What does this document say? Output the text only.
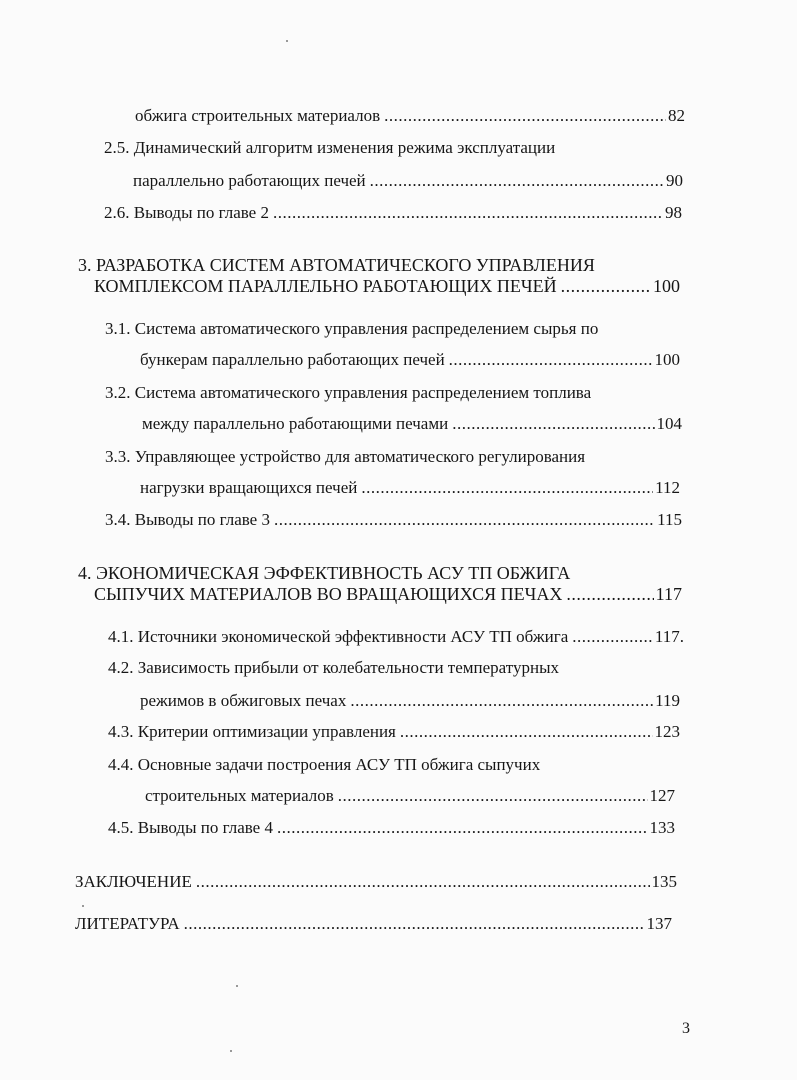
обжига строительных материалов .....	82
2.5. Динамический алгоритм изменения режима эксплуатации
параллельно работающих печей .....	90
2.6. Выводы по главе 2 .....	98
3. РАЗРАБОТКА СИСТЕМ АВТОМАТИЧЕСКОГО УПРАВЛЕНИЯ
КОМПЛЕКСОМ ПАРАЛЛЕЛЬНО РАБОТАЮЩИХ ПЕЧЕЙ .....	100
3.1. Система автоматического управления распределением сырья по
бункерам параллельно работающих печей .....	100
3.2. Система автоматического управления распределением топлива
между параллельно работающими печами .....	104
3.3. Управляющее устройство для автоматического регулирования
нагрузки вращающихся печей .....	112
3.4. Выводы по главе 3 .....	115
4. ЭКОНОМИЧЕСКАЯ ЭФФЕКТИВНОСТЬ АСУ ТП ОБЖИГА
СЫПУЧИХ МАТЕРИАЛОВ ВО ВРАЩАЮЩИХСЯ ПЕЧАХ .....	117
4.1. Источники экономической эффективности АСУ ТП обжига .....	117.
4.2. Зависимость прибыли от колебательности температурных
режимов в обжиговых печах .....	119
4.3. Критерии оптимизации управления .....	123
4.4. Основные задачи построения АСУ ТП обжига сыпучих
строительных материалов .....	127
4.5. Выводы по главе 4 .....	133
ЗАКЛЮЧЕНИЕ .....	135
ЛИТЕРАТУРА .....	137
3
